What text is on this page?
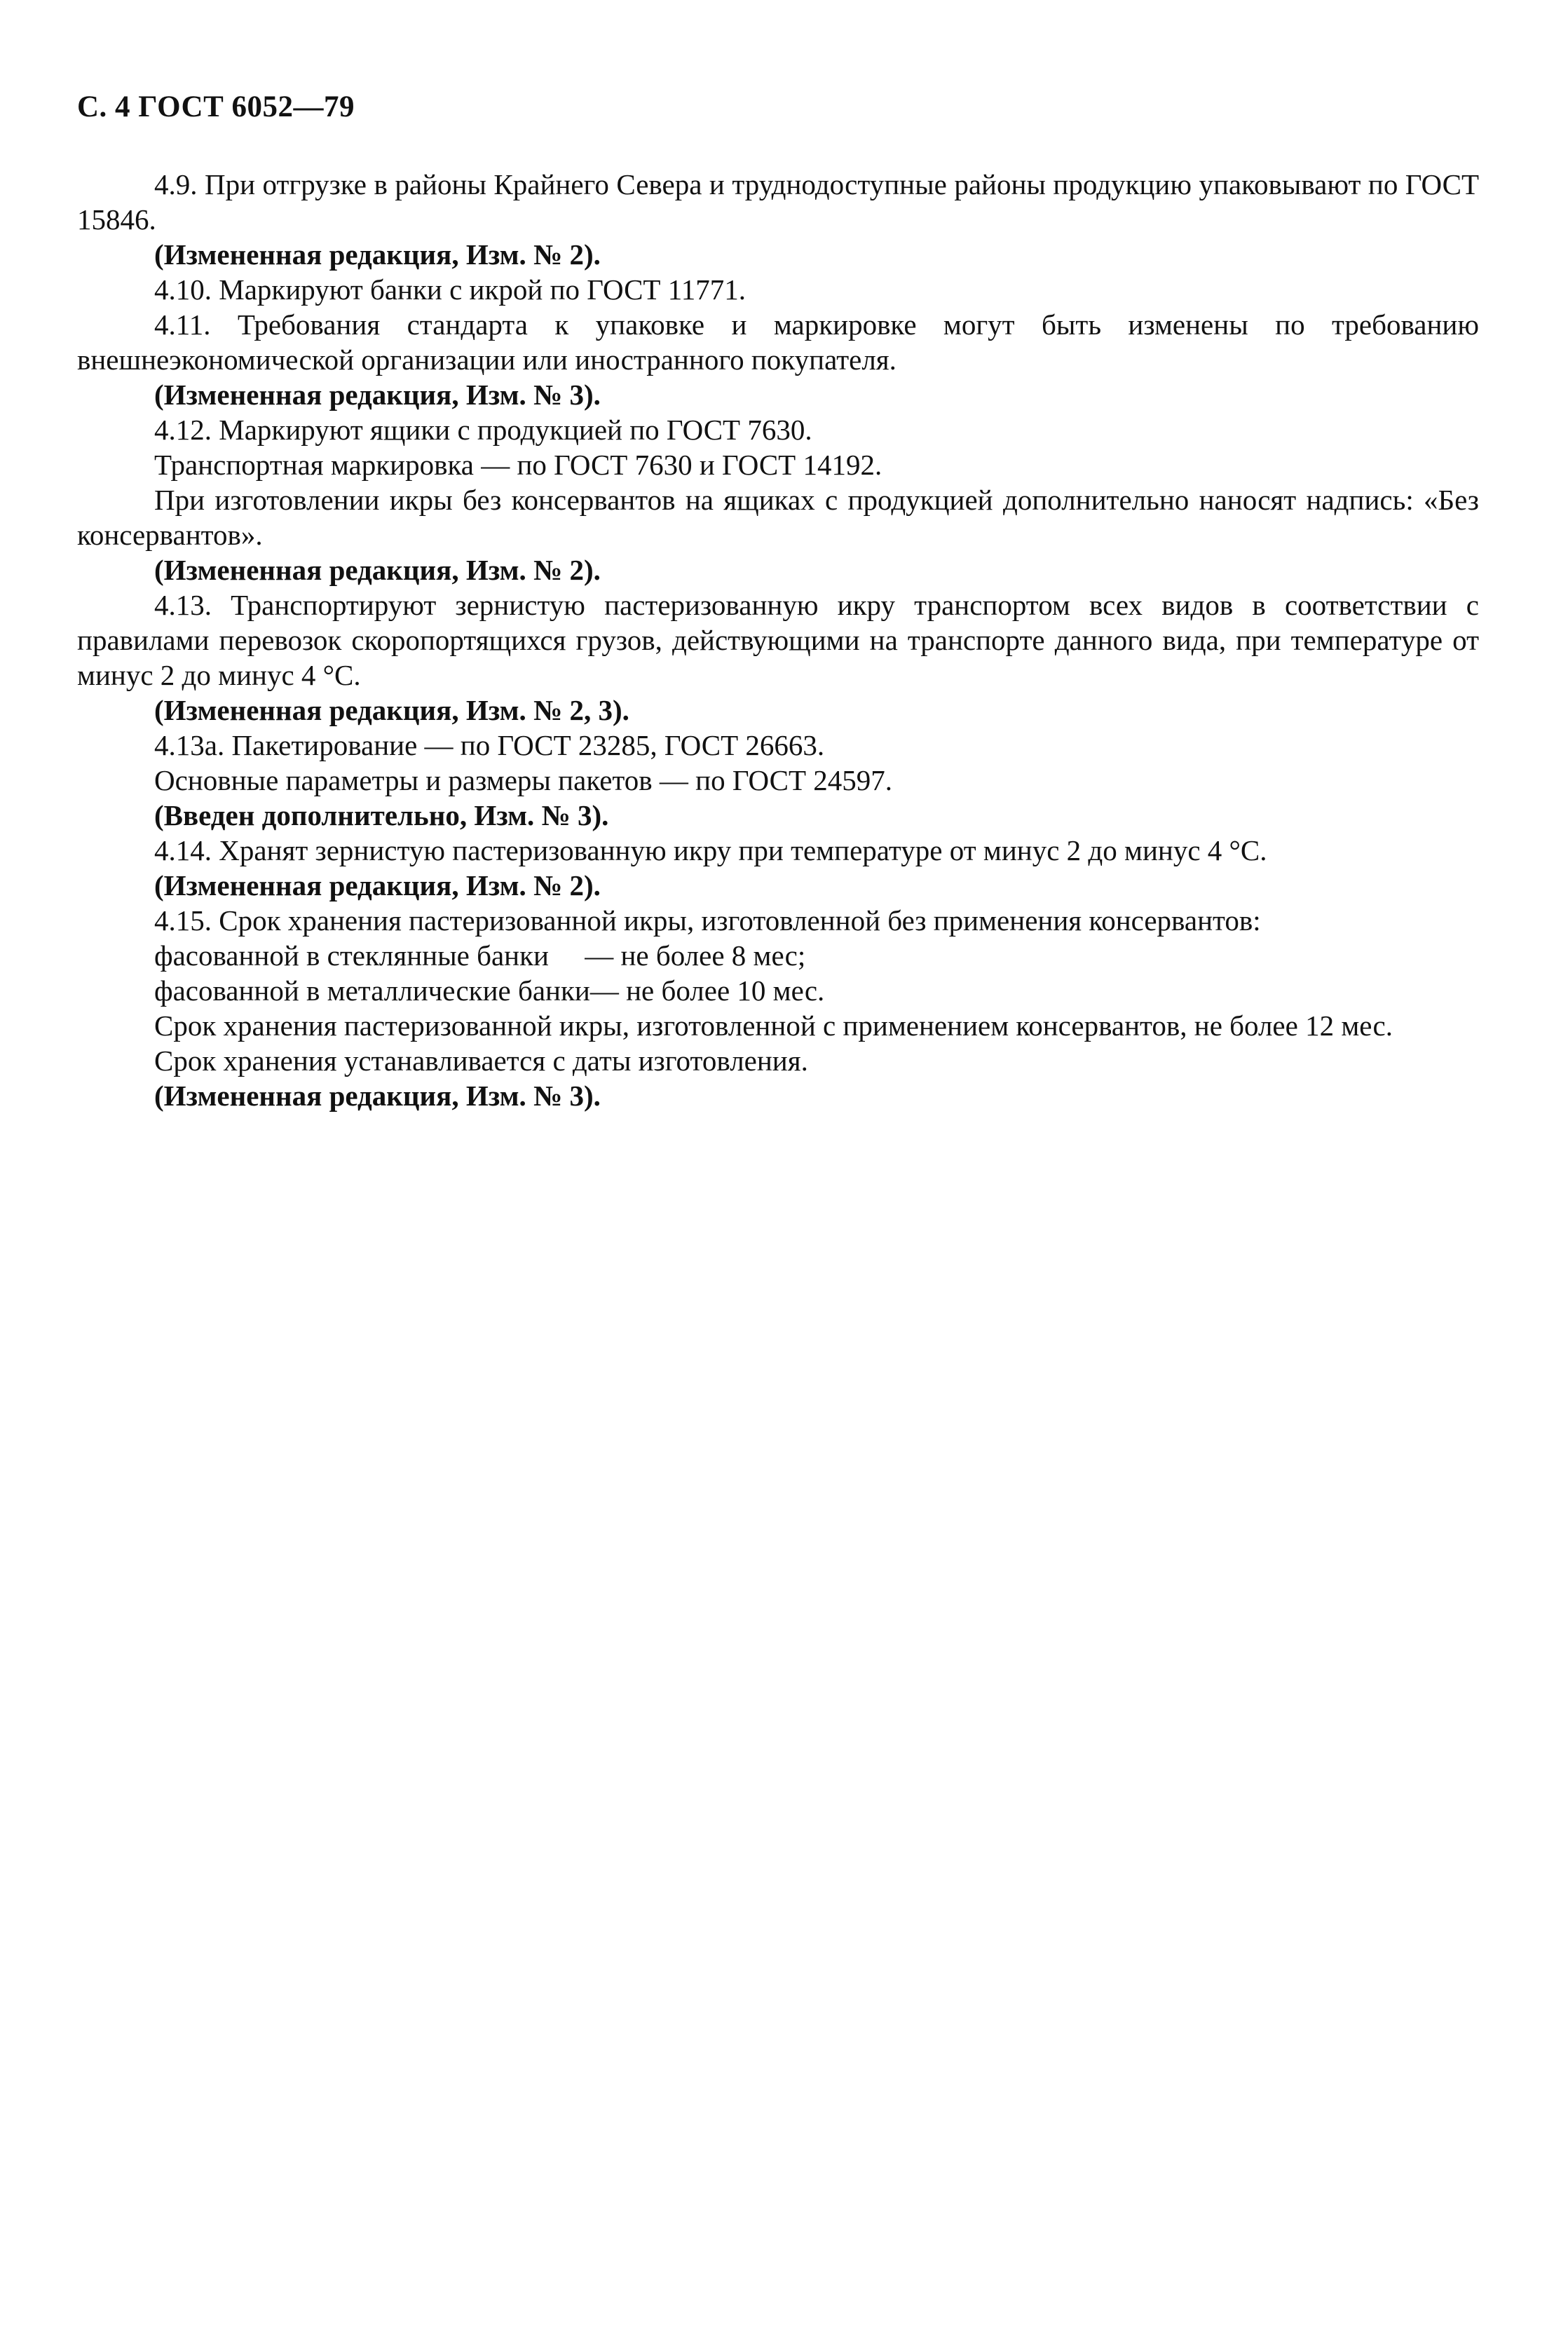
С. 4 ГОСТ 6052—79

4.9. При отгрузке в районы Крайнего Севера и труднодоступные районы продукцию упаковывают по ГОСТ 15846.

(Измененная редакция, Изм. № 2).

4.10. Маркируют банки с икрой по ГОСТ 11771.

4.11. Требования стандарта к упаковке и маркировке могут быть изменены по требованию внешнеэкономической организации или иностранного покупателя.

(Измененная редакция, Изм. № 3).

4.12. Маркируют ящики с продукцией по ГОСТ 7630.

Транспортная маркировка — по ГОСТ 7630 и ГОСТ 14192.

При изготовлении икры без консервантов на ящиках с продукцией дополнительно наносят надпись: «Без консервантов».

(Измененная редакция, Изм. № 2).

4.13. Транспортируют зернистую пастеризованную икру транспортом всех видов в соответствии с правилами перевозок скоропортящихся грузов, действующими на транспорте данного вида, при температуре от минус 2 до минус 4 °С.

(Измененная редакция, Изм. № 2, 3).

4.13а. Пакетирование — по ГОСТ 23285, ГОСТ 26663.

Основные параметры и размеры пакетов — по ГОСТ 24597.

(Введен дополнительно, Изм. № 3).

4.14. Хранят зернистую пастеризованную икру при температуре от минус 2 до минус 4 °С.

(Измененная редакция, Изм. № 2).

4.15. Срок хранения пастеризованной икры, изготовленной без применения консервантов:

фасованной в стеклянные банки     — не более 8 мес;

фасованной в металлические банки— не более 10 мес.

Срок хранения пастеризованной икры, изготовленной с применением консервантов, не более 12 мес.

Срок хранения устанавливается с даты изготовления.

(Измененная редакция, Изм. № 3).
